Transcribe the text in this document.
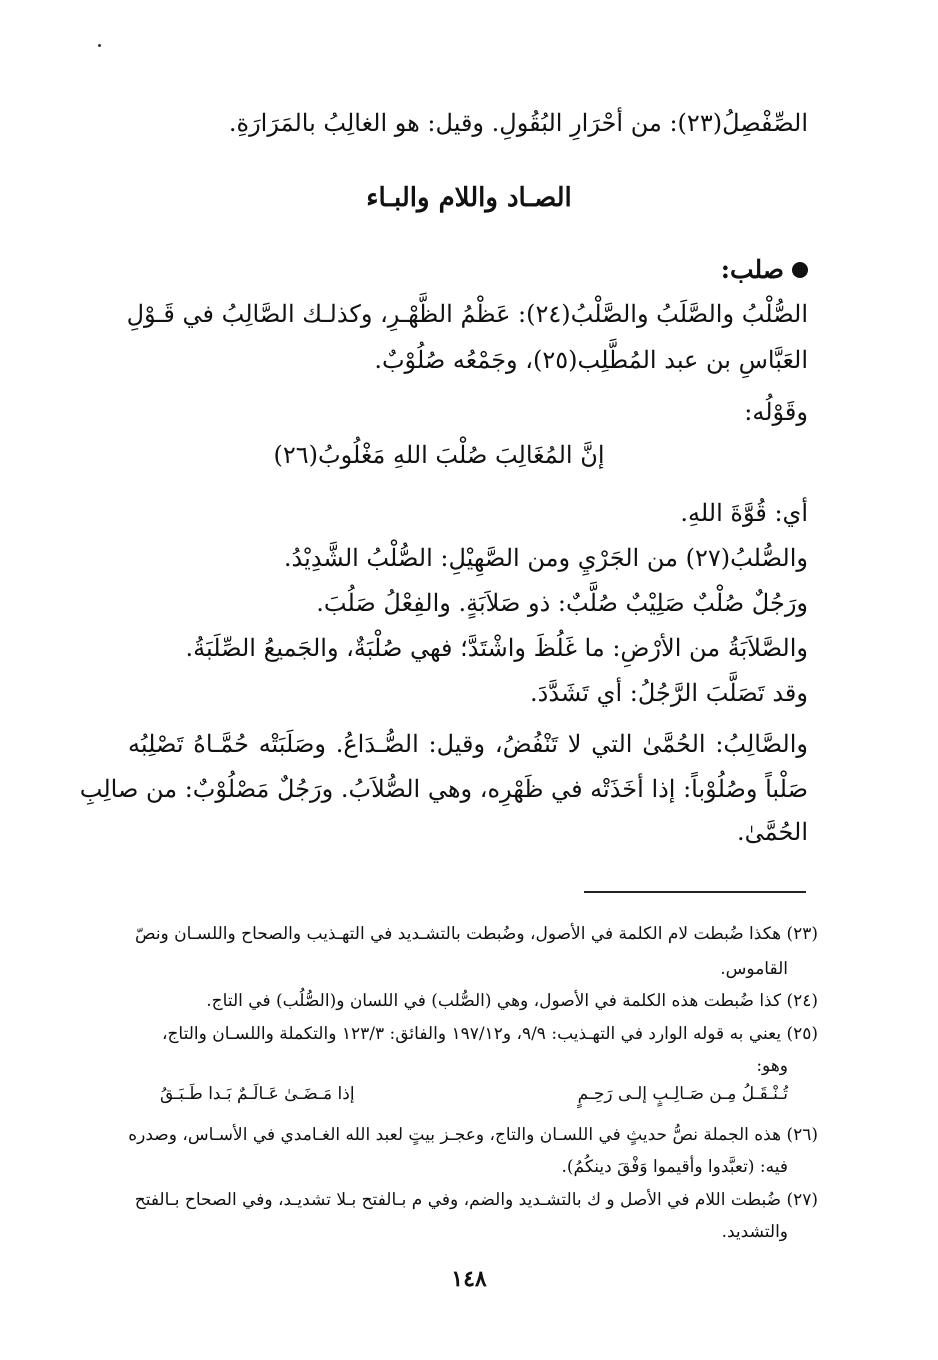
الصِّفْصِلُ(٢٣): من أحْرَارِ البُقُولِ. وقيل: هو الغالِبُ بالمَرَارَةِ.
الصـاد واللام والبـاء
صلب:
الصُّلْبُ والصَّلَبُ والصَّلْبُ(٢٤): عَظْمُ الظَّهْـرِ، وكذلـك الصَّالِبُ في قَـوْلِ
العَبَّاسِ بن عبد المُطَّلِب(٢٥)، وجَمْعُه صُلُوْبٌ.
وقَوْلُه:
إنَّ المُغَالِبَ صُلْبَ اللهِ مَغْلُوبُ(٢٦)
أي: قُوَّةَ اللهِ.
والصُّلبُ(٢٧) من الجَرْيِ ومن الصَّهِيْلِ: الصُّلْبُ الشَّدِيْدُ.
ورَجُلٌ صُلْبٌ صَلِيْبٌ صُلَّبٌ: ذو صَلاَبَةٍ. والفِعْلُ صَلُبَ.
والصَّلاَبَةُ من الأرْضِ: ما غَلُظَ واشْتَدَّ؛ فهي صُلْبَةٌ، والجَميعُ الصِّلَبَةُ.
وقد تَصَلَّبَ الرَّجُلُ: أي تَشَدَّدَ.
والصَّالِبُ: الحُمَّىٰ التي لا تَنْفُضُ، وقيل: الصُّـدَاعُ. وصَلَبَتْه حُمَّـاهُ تَصْلِبُه
صَلْباً وصُلُوْباً: إذا أخَذَتْه في ظَهْرِه، وهي الصُّلاَبُ. ورَجُلٌ مَصْلُوْبٌ: من صالِبِ
الحُمَّىٰ.
(٢٣) هكذا ضُبطت لام الكلمة في الأصول، وضُبطت بالتشـديد في التهـذيب والصحاح واللسـان ونصّ
القاموس.
(٢٤) كذا ضُبطت هذه الكلمة في الأصول، وهي (الصُّلب) في اللسان و(الصُّلُب) في التاج.
(٢٥) يعني به قوله الوارد في التهـذيب: ٩/٩، و١٩٧/١٢ والفائق: ١٢٣/٣ والتكملة واللسـان والتاج،
وهو:
تُـنْـقَـلُ مِـن صَـالِـبٍ إلـى رَحِـمٍ
إذا مَـضَـىٰ عَـالَـمٌ بَـدا طَـبَـقُ
(٢٦) هذه الجملة نصُّ حديثٍ في اللسـان والتاج، وعجـز بيتٍ لعبد الله الغـامدي في الأسـاس، وصدره
فيه: (تعبَّدوا وأقيموا وَفْقَ دينكُمُ).
(٢٧) ضُبطت اللام في الأصل و ك بالتشـديد والضم، وفي م بـالفتح بـلا تشديـد، وفي الصحاح بـالفتح
والتشديد.
١٤٨
